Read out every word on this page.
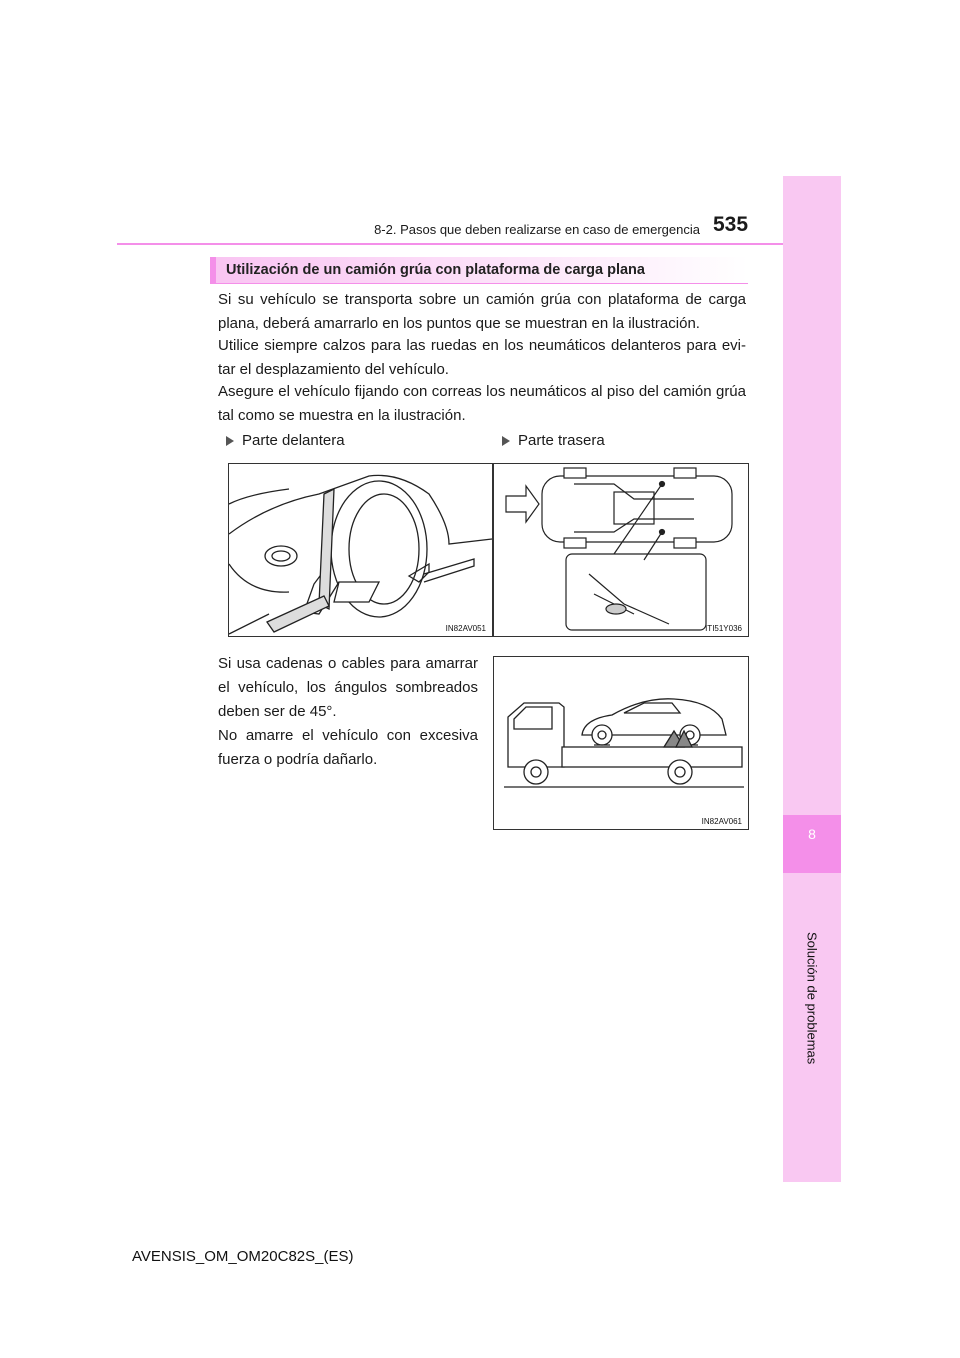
8
Solución de problemas
8-2. Pasos que deben realizarse en caso de emergencia 535
Utilización de un camión grúa con plataforma de carga plana

Si su vehículo se transporta sobre un camión grúa con plataforma de carga plana, deberá amarrarlo en los puntos que se muestran en la ilustración.

Utilice siempre calzos para las ruedas en los neumáticos delanteros para evi-tar el desplazamiento del vehículo.

Asegure el vehículo fijando con correas los neumáticos al piso del camión grúa tal como se muestra en la ilustración.

Parte delantera	Parte trasera
IN82AV051	ITI51Y036

Si usa cadenas o cables para amarrar el vehículo, los ángulos sombreados deben ser de 45°.

No amarre el vehículo con excesiva fuerza o podría dañarlo.

IN82AV061
AVENSIS_OM_OM20C82S_(ES)
